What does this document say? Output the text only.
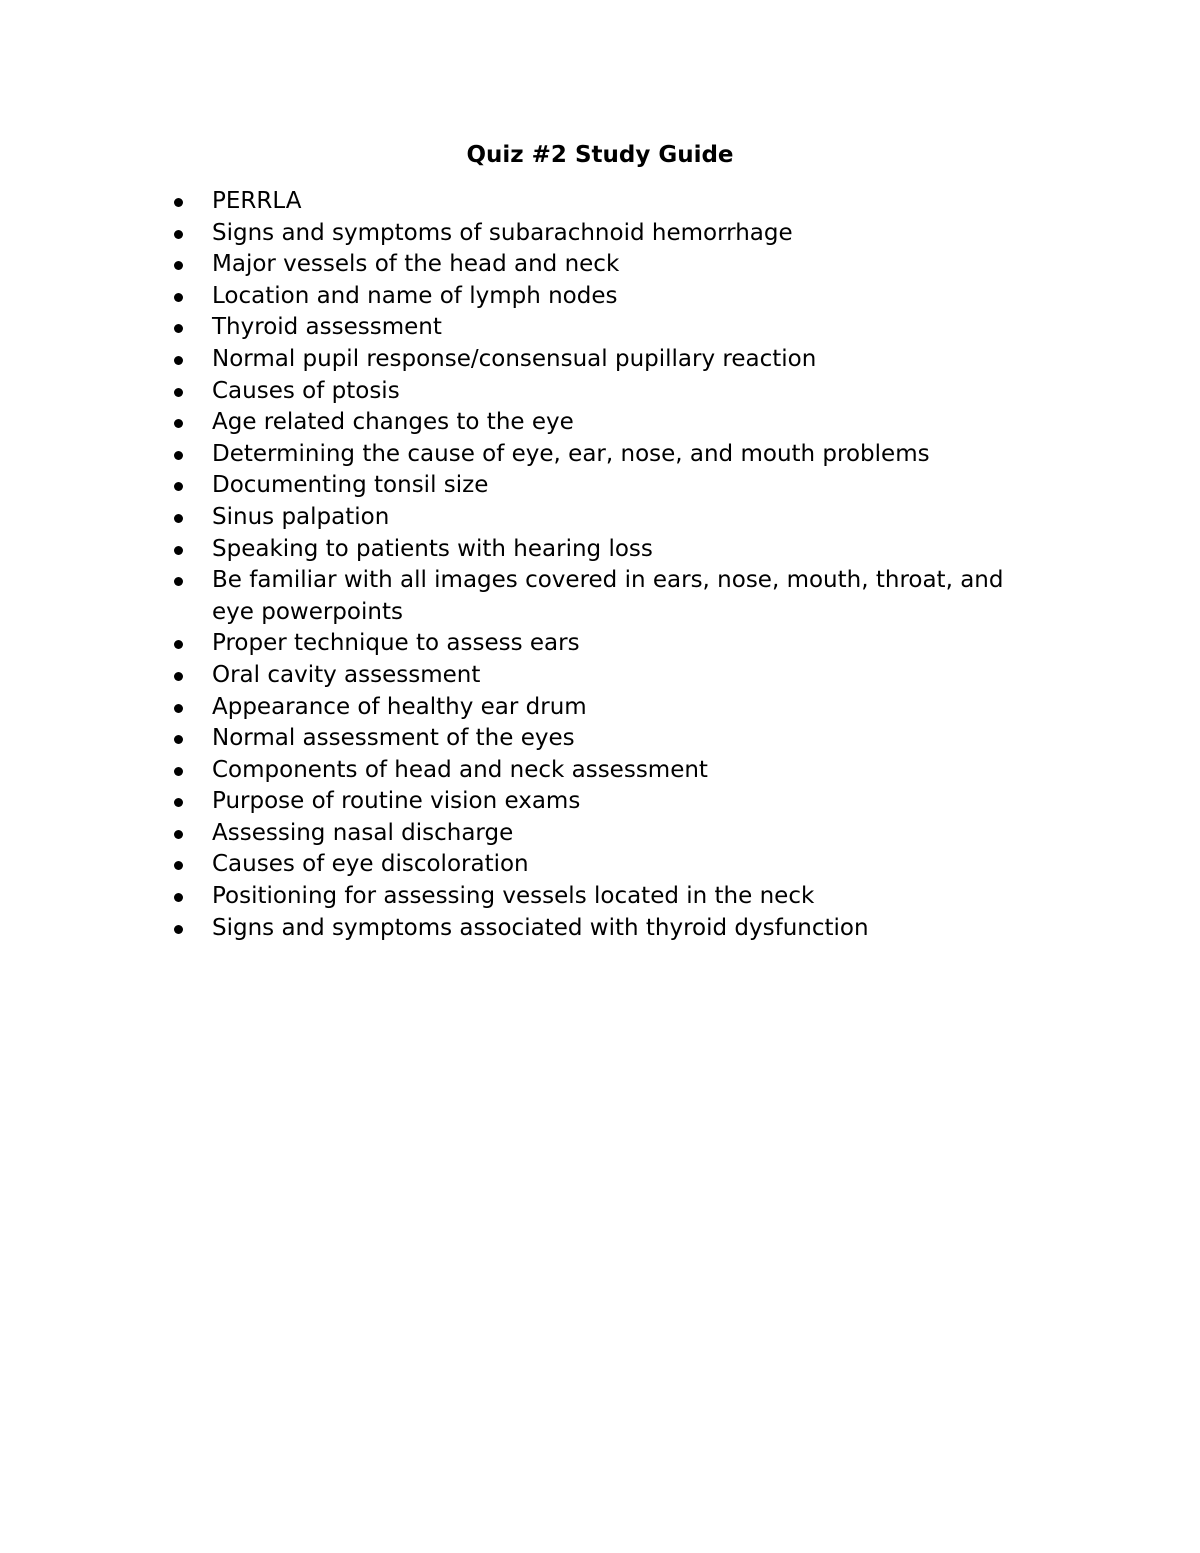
Quiz #2 Study Guide
PERRLA
Signs and symptoms of subarachnoid hemorrhage
Major vessels of the head and neck
Location and name of lymph nodes
Thyroid assessment
Normal pupil response/consensual pupillary reaction
Causes of ptosis
Age related changes to the eye
Determining the cause of eye, ear, nose, and mouth problems
Documenting tonsil size
Sinus palpation
Speaking to patients with hearing loss
Be familiar with all images covered in ears, nose, mouth, throat, and eye powerpoints
Proper technique to assess ears
Oral cavity assessment
Appearance of healthy ear drum
Normal assessment of the eyes
Components of head and neck assessment
Purpose of routine vision exams
Assessing nasal discharge
Causes of eye discoloration
Positioning for assessing vessels located in the neck
Signs and symptoms associated with thyroid dysfunction
